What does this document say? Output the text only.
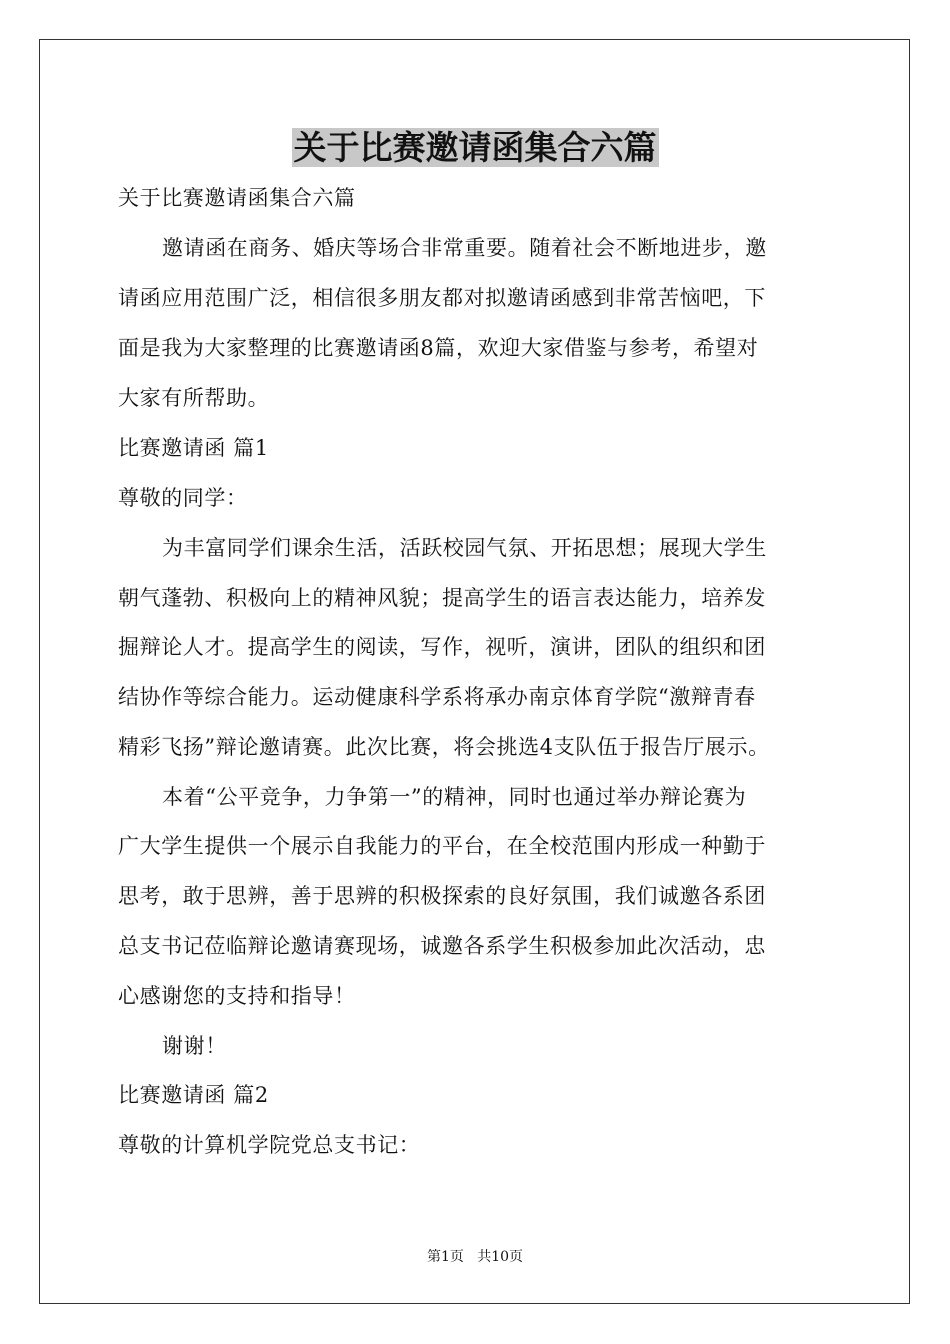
关于比赛邀请函集合六篇
关于比赛邀请函集合六篇
邀请函在商务、婚庆等场合非常重要。随着社会不断地进步，邀
请函应用范围广泛，相信很多朋友都对拟邀请函感到非常苦恼吧，下
面是我为大家整理的比赛邀请函8篇，欢迎大家借鉴与参考，希望对
大家有所帮助。
比赛邀请函 篇1
尊敬的同学：
为丰富同学们课余生活，活跃校园气氛、开拓思想；展现大学生
朝气蓬勃、积极向上的精神风貌；提高学生的语言表达能力，培养发
掘辩论人才。提高学生的阅读，写作，视听，演讲，团队的组织和团
结协作等综合能力。运动健康科学系将承办南京体育学院“激辩青春
精彩飞扬”辩论邀请赛。此次比赛，将会挑选4支队伍于报告厅展示。
本着“公平竞争，力争第一”的精神，同时也通过举办辩论赛为
广大学生提供一个展示自我能力的平台，在全校范围内形成一种勤于
思考，敢于思辨，善于思辨的积极探索的良好氛围，我们诚邀各系团
总支书记莅临辩论邀请赛现场，诚邀各系学生积极参加此次活动，忠
心感谢您的支持和指导！
谢谢！
比赛邀请函 篇2
尊敬的计算机学院党总支书记：
第1页   共10页
